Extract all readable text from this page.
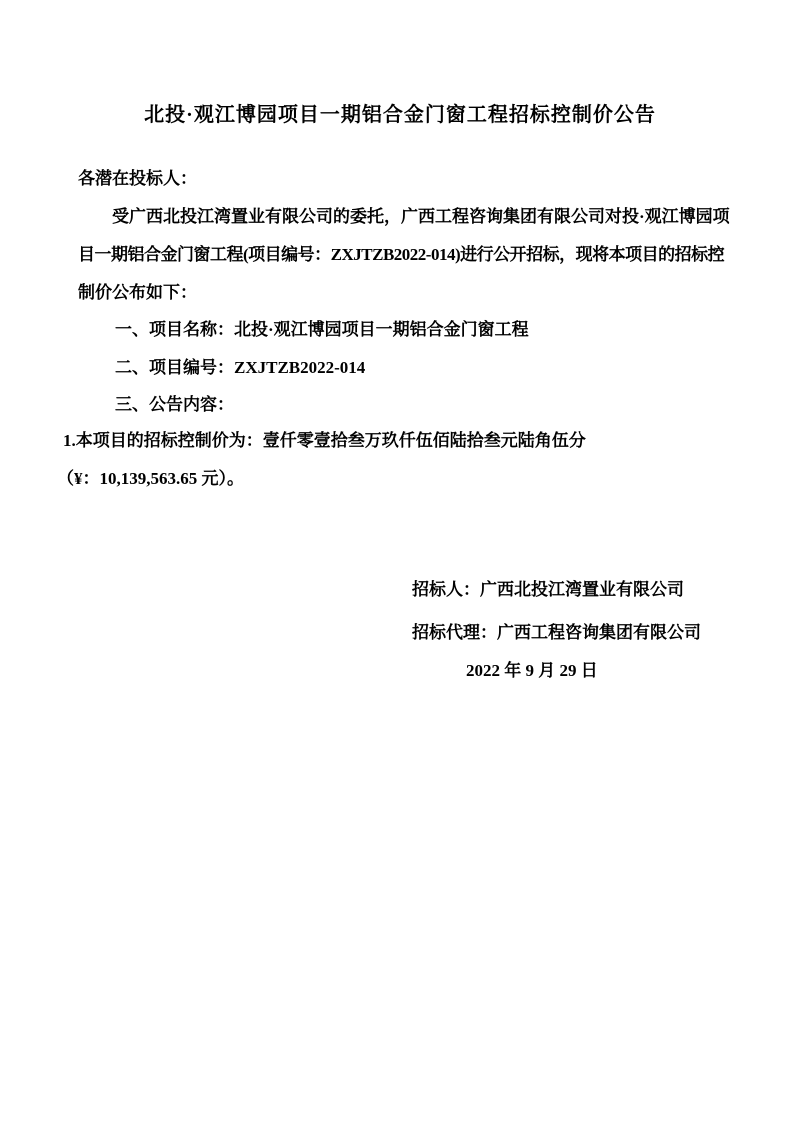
北投·观江博园项目一期铝合金门窗工程招标控制价公告
各潜在投标人：
受广西北投江湾置业有限公司的委托，广西工程咨询集团有限公司对投·观江博园项
目一期铝合金门窗工程(项目编号：ZXJTZB2022-014)进行公开招标，现将本项目的招标控
制价公布如下：
一、项目名称：北投·观江博园项目一期铝合金门窗工程
二、项目编号：ZXJTZB2022-014
三、公告内容：
1.本项目的招标控制价为：壹仟零壹拾叁万玖仟伍佰陆拾叁元陆角伍分
（¥：10,139,563.65 元）。
招标人：广西北投江湾置业有限公司
招标代理：广西工程咨询集团有限公司
2022 年 9 月 29 日
